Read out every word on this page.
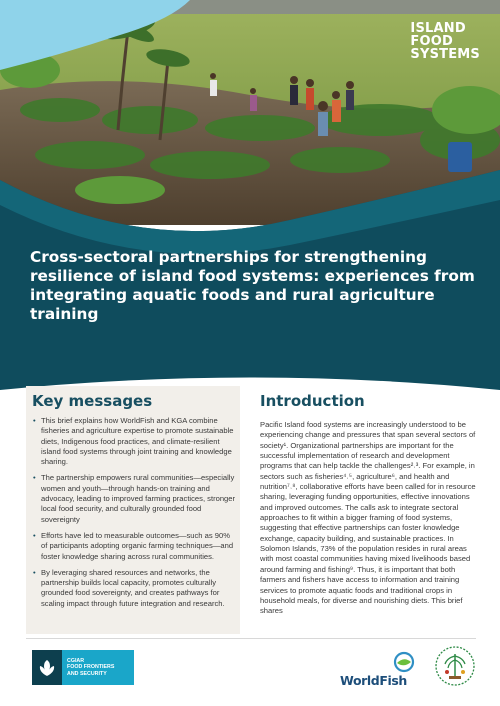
ISLAND
FOOD
SYSTEMS
Cross-sectoral partnerships for strengthening resilience of island food systems: experiences from integrating aquatic foods and rural agriculture training
Key messages
• This brief explains how WorldFish and KGA combine fisheries and agriculture expertise to promote sustainable diets, Indigenous food practices, and climate-resilient island food systems through joint training and knowledge sharing.
• The partnership empowers rural communities—especially women and youth—through hands-on training and advocacy, leading to improved farming practices, stronger local food security, and culturally grounded food sovereignty
• Efforts have led to measurable outcomes—such as 90% of participants adopting organic farming techniques—and foster knowledge sharing across rural communities.
• By leveraging shared resources and networks, the partnership builds local capacity, promotes culturally grounded food sovereignty, and creates pathways for scaling impact through future integration and research.
Introduction

Pacific Island food systems are increasingly understood to be experiencing change and pressures that span several sectors of society¹. Organizational partnerships are important for the successful implementation of research and development programs that can help tackle the challenges²˒³. For example, in sectors such as fisheries⁴˒⁵, agriculture⁶, and health and nutrition⁷˒⁸, collaborative efforts have been called for in resource sharing, leveraging funding opportunities, effective innovations and improved outcomes. The calls ask to integrate sectoral approaches to fit within a bigger framing of food systems, suggesting that effective partnerships can foster knowledge exchange, capacity building, and sustainable practices. In Solomon Islands, 73% of the population resides in rural areas with most coastal communities having mixed livelihoods based around farming and fishing⁹. Thus, it is important that both farmers and fishers have access to information and training services to promote aquatic foods and traditional crops in household meals, for diverse and nourishing diets. This brief shares

CGIAR
FOOD FRONTIERS
AND SECURITY	WorldFish
